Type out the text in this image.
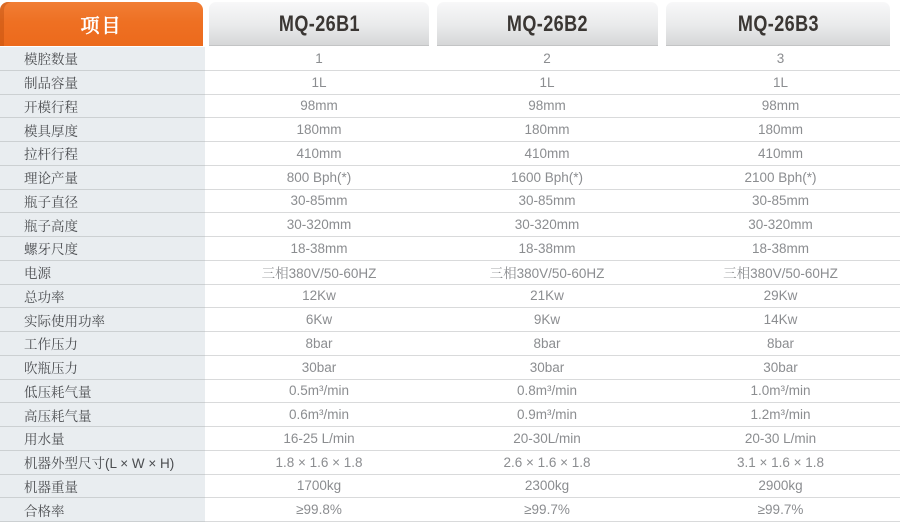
项目	MQ-26B1	MQ-26B2	MQ-26B3
模腔数量	1	2	3
制品容量	1L	1L	1L
开模行程	98mm	98mm	98mm
模具厚度	180mm	180mm	180mm
拉杆行程	410mm	410mm	410mm
理论产量	800 Bph(*)	1600 Bph(*)	2100 Bph(*)
瓶子直径	30-85mm	30-85mm	30-85mm
瓶子高度	30-320mm	30-320mm	30-320mm
螺牙尺度	18-38mm	18-38mm	18-38mm
电源	三相380V/50-60HZ	三相380V/50-60HZ	三相380V/50-60HZ
总功率	12Kw	21Kw	29Kw
实际使用功率	6Kw	9Kw	14Kw
工作压力	8bar	8bar	8bar
吹瓶压力	30bar	30bar	30bar
低压耗气量	0.5m³/min	0.8m³/min	1.0m³/min
高压耗气量	0.6m³/min	0.9m³/min	1.2m³/min
用水量	16-25 L/min	20-30L/min	20-30 L/min
机器外型尺寸(L × W × H)	1.8 × 1.6 × 1.8	2.6 × 1.6 × 1.8	3.1 × 1.6 × 1.8
机器重量	1700kg	2300kg	2900kg
合格率	≥99.8%	≥99.7%	≥99.7%
